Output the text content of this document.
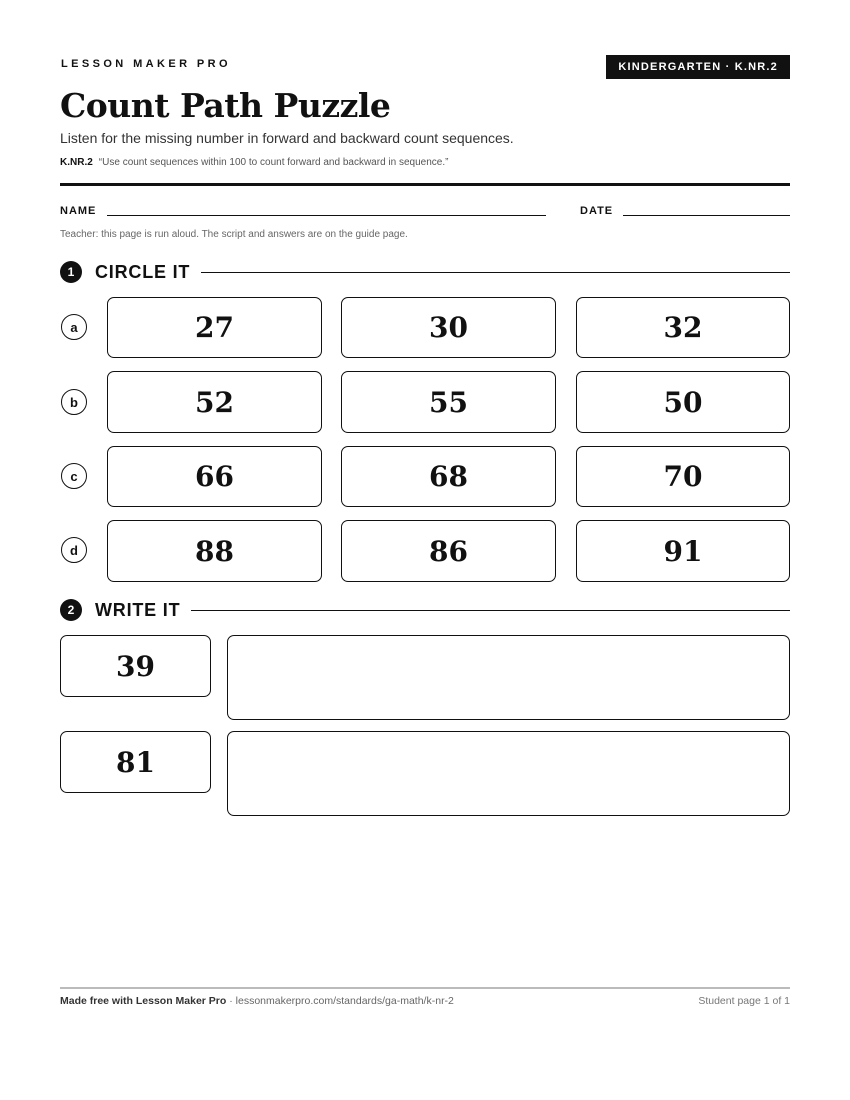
LESSON MAKER PRO	KINDERGARTEN · K.NR.2
Count Path Puzzle
Listen for the missing number in forward and backward count sequences.
K.NR.2 “Use count sequences within 100 to count forward and backward in sequence.”
NAME	DATE
Teacher: this page is run aloud. The script and answers are on the guide page.
1	CIRCLE IT
a	27	30	32
b	52	55	50
c	66	68	70
d	88	86	91
2	WRITE IT
39
81
Made free with Lesson Maker Pro · lessonmakerpro.com/standards/ga-math/k-nr-2	Student page 1 of 1
